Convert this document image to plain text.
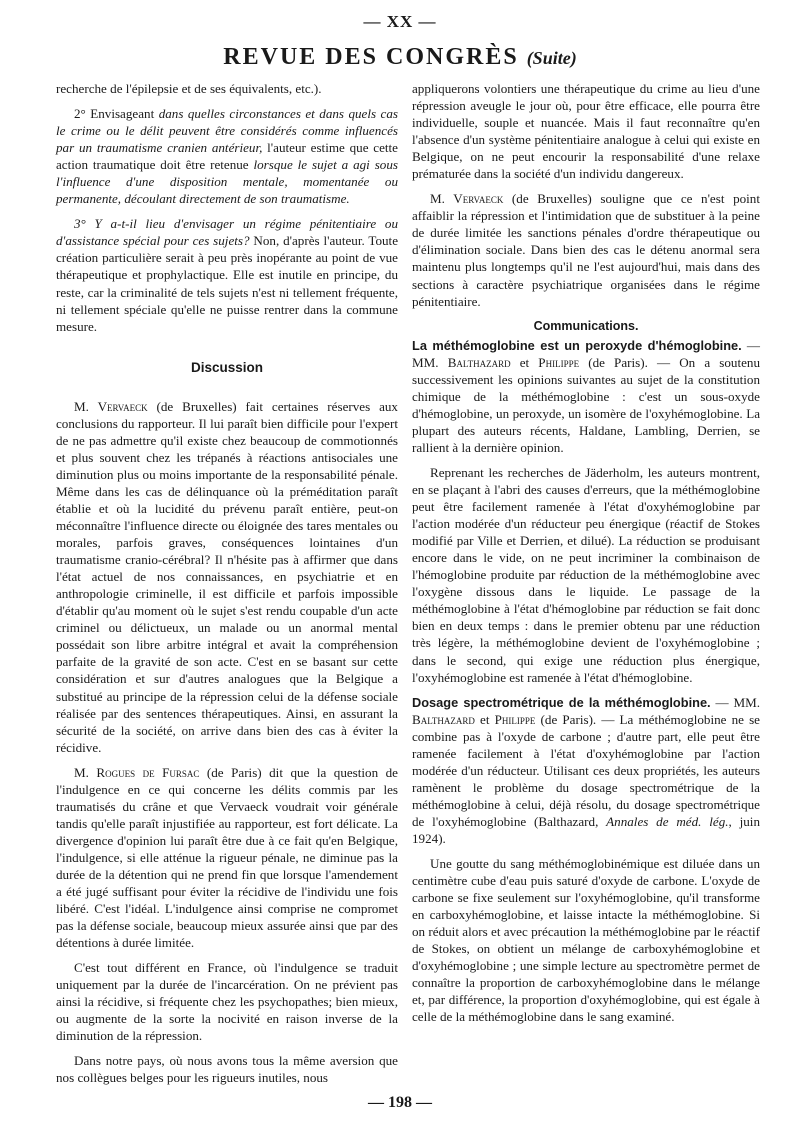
— XX —
REVUE DES CONGRÈS (Suite)

recherche de l'épilepsie et de ses équivalents, etc.).

2° Envisageant dans quelles circonstances et dans quels cas le crime ou le délit peuvent être considérés comme influencés par un traumatisme cranien antérieur, l'auteur estime que cette action traumatique doit être retenue lorsque le sujet a agi sous l'influence d'une disposition mentale, momentanée ou permanente, découlant directement de son traumatisme.

3° Y a-t-il lieu d'envisager un régime pénitentiaire ou d'assistance spécial pour ces sujets? Non, d'après l'auteur. Toute création particulière serait à peu près inopérante au point de vue thérapeutique et prophylactique. Elle est inutile en principe, du reste, car la criminalité de tels sujets n'est ni tellement fréquente, ni tellement spéciale qu'elle ne puisse rentrer dans la commune mesure.

Discussion

M. Vervaeck (de Bruxelles) fait certaines réserves aux conclusions du rapporteur. Il lui paraît bien difficile pour l'expert de ne pas admettre qu'il existe chez beaucoup de commotionnés et plus souvent chez les trépanés à réactions antisociales une diminution plus ou moins importante de la responsabilité pénale. Même dans les cas de délinquance où la préméditation paraît établie et où la lucidité du prévenu paraît entière, peut-on méconnaître l'influence directe ou éloignée des tares mentales ou morales, parfois graves, conséquences lointaines d'un traumatisme cranio-cérébral? Il n'hésite pas à affirmer que dans l'état actuel de nos connaissances, en psychiatrie et en anthropologie criminelle, il est difficile et parfois impossible d'établir qu'au moment où le sujet s'est rendu coupable d'un acte criminel ou délictueux, un malade ou un anormal mental possédait son libre arbitre intégral et avait la compréhension parfaite de la gravité de son acte. C'est en se basant sur cette considération et sur d'autres analogues que la Belgique a substitué au principe de la répression celui de la défense sociale réalisée par des sentences thérapeutiques. Ainsi, en assurant la sécurité de la société, on arrive dans bien des cas à éviter la récidive.

M. Rogues de Fursac (de Paris) dit que la question de l'indulgence en ce qui concerne les délits commis par les traumatisés du crâne et que Vervaeck voudrait voir générale tandis qu'elle paraît injustifiée au rapporteur, est fort délicate. La divergence d'opinion lui paraît être due à ce fait qu'en Belgique, l'indulgence, si elle atténue la rigueur pénale, ne diminue pas la durée de la détention qui ne prend fin que lorsque l'amendement a été jugé suffisant pour éviter la récidive de l'individu une fois libéré. C'est l'idéal. L'indulgence ainsi comprise ne compromet pas la défense sociale, beaucoup mieux assurée ainsi que par des détentions à durée limitée.

C'est tout différent en France, où l'indulgence se traduit uniquement par la durée de l'incarcération. On ne prévient pas ainsi la récidive, si fréquente chez les psychopathes; bien mieux, ou augmente de la sorte la nocivité en raison inverse de la diminution de la répression.

Dans notre pays, où nous avons tous la même aversion que nos collègues belges pour les rigueurs inutiles, nous

appliquerons volontiers une thérapeutique du crime au lieu d'une répression aveugle le jour où, pour être efficace, elle pourra être individuelle, souple et nuancée. Mais il faut reconnaître qu'en l'absence d'un système pénitentiaire analogue à celui qui existe en Belgique, on ne peut encourir la responsabilité d'une relaxe prématurée dans la société d'un individu dangereux.

M. Vervaeck (de Bruxelles) souligne que ce n'est point affaiblir la répression et l'intimidation que de substituer à la peine de durée limitée les sanctions pénales d'ordre thérapeutique ou d'élimination sociale. Dans bien des cas le détenu anormal sera maintenu plus longtemps qu'il ne l'est aujourd'hui, mais dans des sections à caractère psychiatrique organisées dans le régime pénitentiaire.

Communications.

La méthémoglobine est un peroxyde d'hémoglobine. — MM. Balthazard et Philippe (de Paris). — On a soutenu successivement les opinions suivantes au sujet de la constitution chimique de la méthémoglobine : c'est un sous-oxyde d'hémoglobine, un peroxyde, un isomère de l'oxyhémoglobine. La plupart des auteurs récents, Haldane, Lambling, Derrien, se rallient à la dernière opinion.

Reprenant les recherches de Jäderholm, les auteurs montrent, en se plaçant à l'abri des causes d'erreurs, que la méthémoglobine peut être facilement ramenée à l'état d'oxyhémoglobine par l'action modérée d'un réducteur peu énergique (réactif de Stokes modifié par Ville et Derrien, et dilué). La réduction se produisant encore dans le vide, on ne peut incriminer la combinaison de l'hémoglobine produite par réduction de la méthémoglobine avec l'oxygène dissous dans le liquide. Le passage de la méthémoglobine à l'état d'hémoglobine par réduction se fait donc bien en deux temps : dans le premier obtenu par une réduction très légère, la méthémoglobine devient de l'oxyhémoglobine ; dans le second, qui exige une réduction plus énergique, l'oxyhémoglobine est ramenée à l'état d'hémoglobine.

Dosage spectrométrique de la méthémoglobine. — MM. Balthazard et Philippe (de Paris). — La méthémoglobine ne se combine pas à l'oxyde de carbone ; d'autre part, elle peut être ramenée facilement à l'état d'oxyhémoglobine par l'action modérée d'un réducteur. Utilisant ces deux propriétés, les auteurs ramènent le problème du dosage spectrométrique de la méthémoglobine à celui, déjà résolu, du dosage spectrométrique de l'oxyhémoglobine (Balthazard, Annales de méd. lég., juin 1924).

Une goutte du sang méthémoglobinémique est diluée dans un centimètre cube d'eau puis saturé d'oxyde de carbone. L'oxyde de carbone se fixe seulement sur l'oxyhémoglobine, qu'il transforme en carboxyhémoglobine, et laisse intacte la méthémoglobine. Si on réduit alors et avec précaution la méthémoglobine par le réactif de Stokes, on obtient un mélange de carboxyhémoglobine et d'oxyhémoglobine ; une simple lecture au spectromètre permet de connaître la proportion de carboxyhémoglobine dans le mélange et, par différence, la proportion d'oxyhémoglobine, qui est égale à celle de la méthémoglobine dans le sang examiné.

— 198 —
